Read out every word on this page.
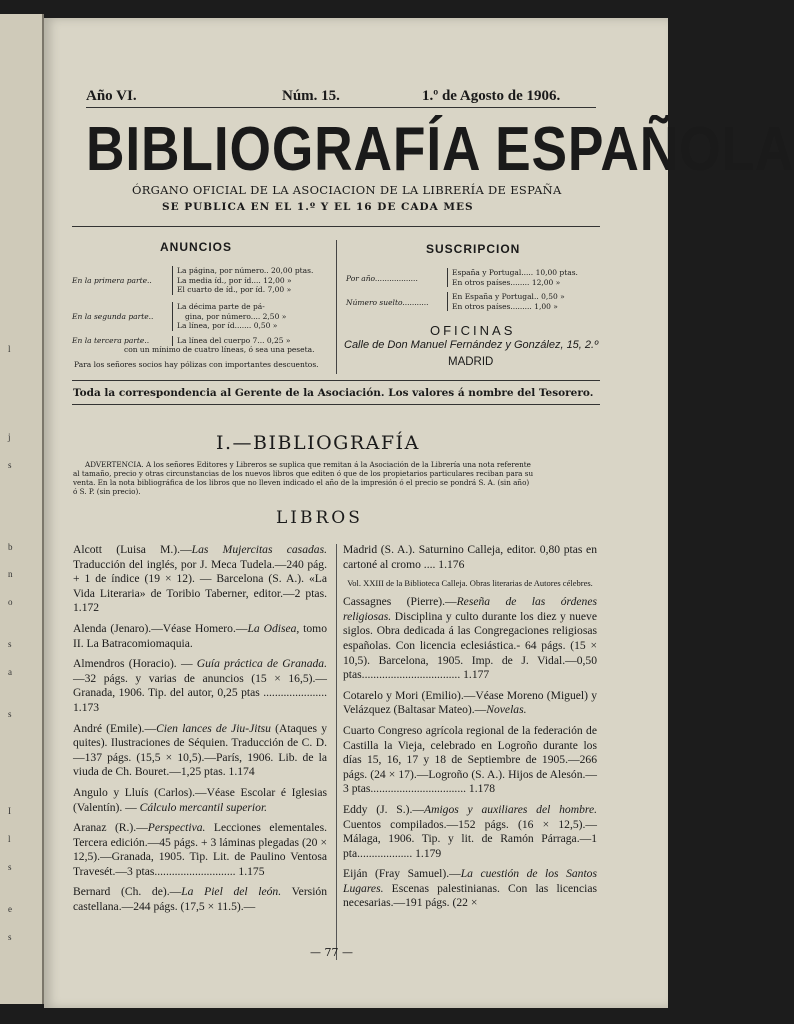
l
j
s
b
n
o
s
a
s
I
l
s
e
s
Año VI.	Núm. 15.	1.º de Agosto de 1906.
BIBLIOGRAFÍA ESPAÑOLA
ÓRGANO OFICIAL DE LA ASOCIACION DE LA LIBRERÍA DE ESPAÑA
SE PUBLICA EN EL 1.º Y EL 16 DE CADA MES
ANUNCIOS
En la primera parte..
La página, por número.. 20,00 ptas.
La media íd., por íd.... 12,00 »
El cuarto de íd., por íd. 7,00 »
En la segunda parte..
La décima parte de pá-
gina, por número.... 2,50 »
La línea, por íd....... 0,50 »
En la tercera parte..	La línea del cuerpo 7... 0,25 »
con un mínimo de cuatro líneas, ó sea una peseta.
Para los señores socios hay pólizas con importantes descuentos.
SUSCRIPCION
Por año..................
España y Portugal..... 10,00 ptas.
En otros países........ 12,00 »
Número suelto...........
En España y Portugal.. 0,50 »
En otros países......... 1,00 »
OFICINAS
Calle de Don Manuel Fernández y González, 15, 2.º
MADRID
Toda la correspondencia al Gerente de la Asociación. Los valores á nombre del Tesorero.
I.—BIBLIOGRAFÍA
ADVERTENCIA. A los señores Editores y Libreros se suplica que remitan á la Asociación de la Librería una nota referente
al tamaño, precio y otras circunstancias de los nuevos libros que editen ó que de los propietarios particulares reciban para su
venta. En la nota bibliográfica de los libros que no lleven indicado el año de la impresión ó el precio se pondrá S. A. (sin año)
ó S. P. (sin precio).
LIBROS
Alcott (Luisa M.).—Las Mujercitas casadas. Traducción del inglés, por J. Meca Tudela.—240 pág. + 1 de índice (19 × 12). — Barcelona (S. A.). «La Vida Literaria» de Toribio Taberner, editor.—2 ptas. 1.172
Alenda (Jenaro).—Véase Homero.—La Odisea, tomo II. La Batracomiomaquia.
Almendros (Horacio). — Guía práctica de Granada.—32 págs. y varias de anuncios (15 × 16,5).—Granada, 1906. Tip. del autor, 0,25 ptas ...................... 1.173
André (Emile).—Cien lances de Jiu-Jitsu (Ataques y quites). Ilustraciones de Séquien. Traducción de C. D.—137 págs. (15,5 × 10,5).—París, 1906. Lib. de la viuda de Ch. Bouret.—1,25 ptas. 1.174
Angulo y Lluís (Carlos).—Véase Escolar é Iglesias (Valentín). — Cálculo mercantil superior.
Aranaz (R.).—Perspectiva. Lecciones elementales. Tercera edición.—45 págs. + 3 láminas plegadas (20 × 12,5).—Granada, 1905. Tip. Lit. de Paulino Ventosa Travesét.—3 ptas............................ 1.175
Bernard (Ch. de).—La Piel del león. Versión castellana.—244 págs. (17,5 × 11.5).—
Madrid (S. A.). Saturnino Calleja, editor. 0,80 ptas en cartoné al cromo .... 1.176
Vol. XXIII de la Biblioteca Calleja. Obras literarias de Autores célebres.
Cassagnes (Pierre).—Reseña de las órdenes religiosas. Disciplina y culto durante los diez y nueve siglos. Obra dedicada á las Congregaciones religiosas españolas. Con licencia eclesiástica.- 64 págs. (15 × 10,5). Barcelona, 1905. Imp. de J. Vidal.—0,50 ptas.................................. 1.177
Cotarelo y Mori (Emilio).—Véase Moreno (Miguel) y Velázquez (Baltasar Mateo).—Novelas.
Cuarto Congreso agrícola regional de la federación de Castilla la Vieja, celebrado en Logroño durante los días 15, 16, 17 y 18 de Septiembre de 1905.—266 págs. (24 × 17).—Logroño (S. A.). Hijos de Alesón.— 3 ptas................................. 1.178
Eddy (J. S.).—Amigos y auxiliares del hombre. Cuentos compilados.—152 págs. (16 × 12,5).—Málaga, 1906. Tip. y lit. de Ramón Párraga.—1 pta................... 1.179
Eiján (Fray Samuel).—La cuestión de los Santos Lugares. Escenas palestinianas. Con las licencias necesarias.—191 págs. (22 ×
— 77 —
